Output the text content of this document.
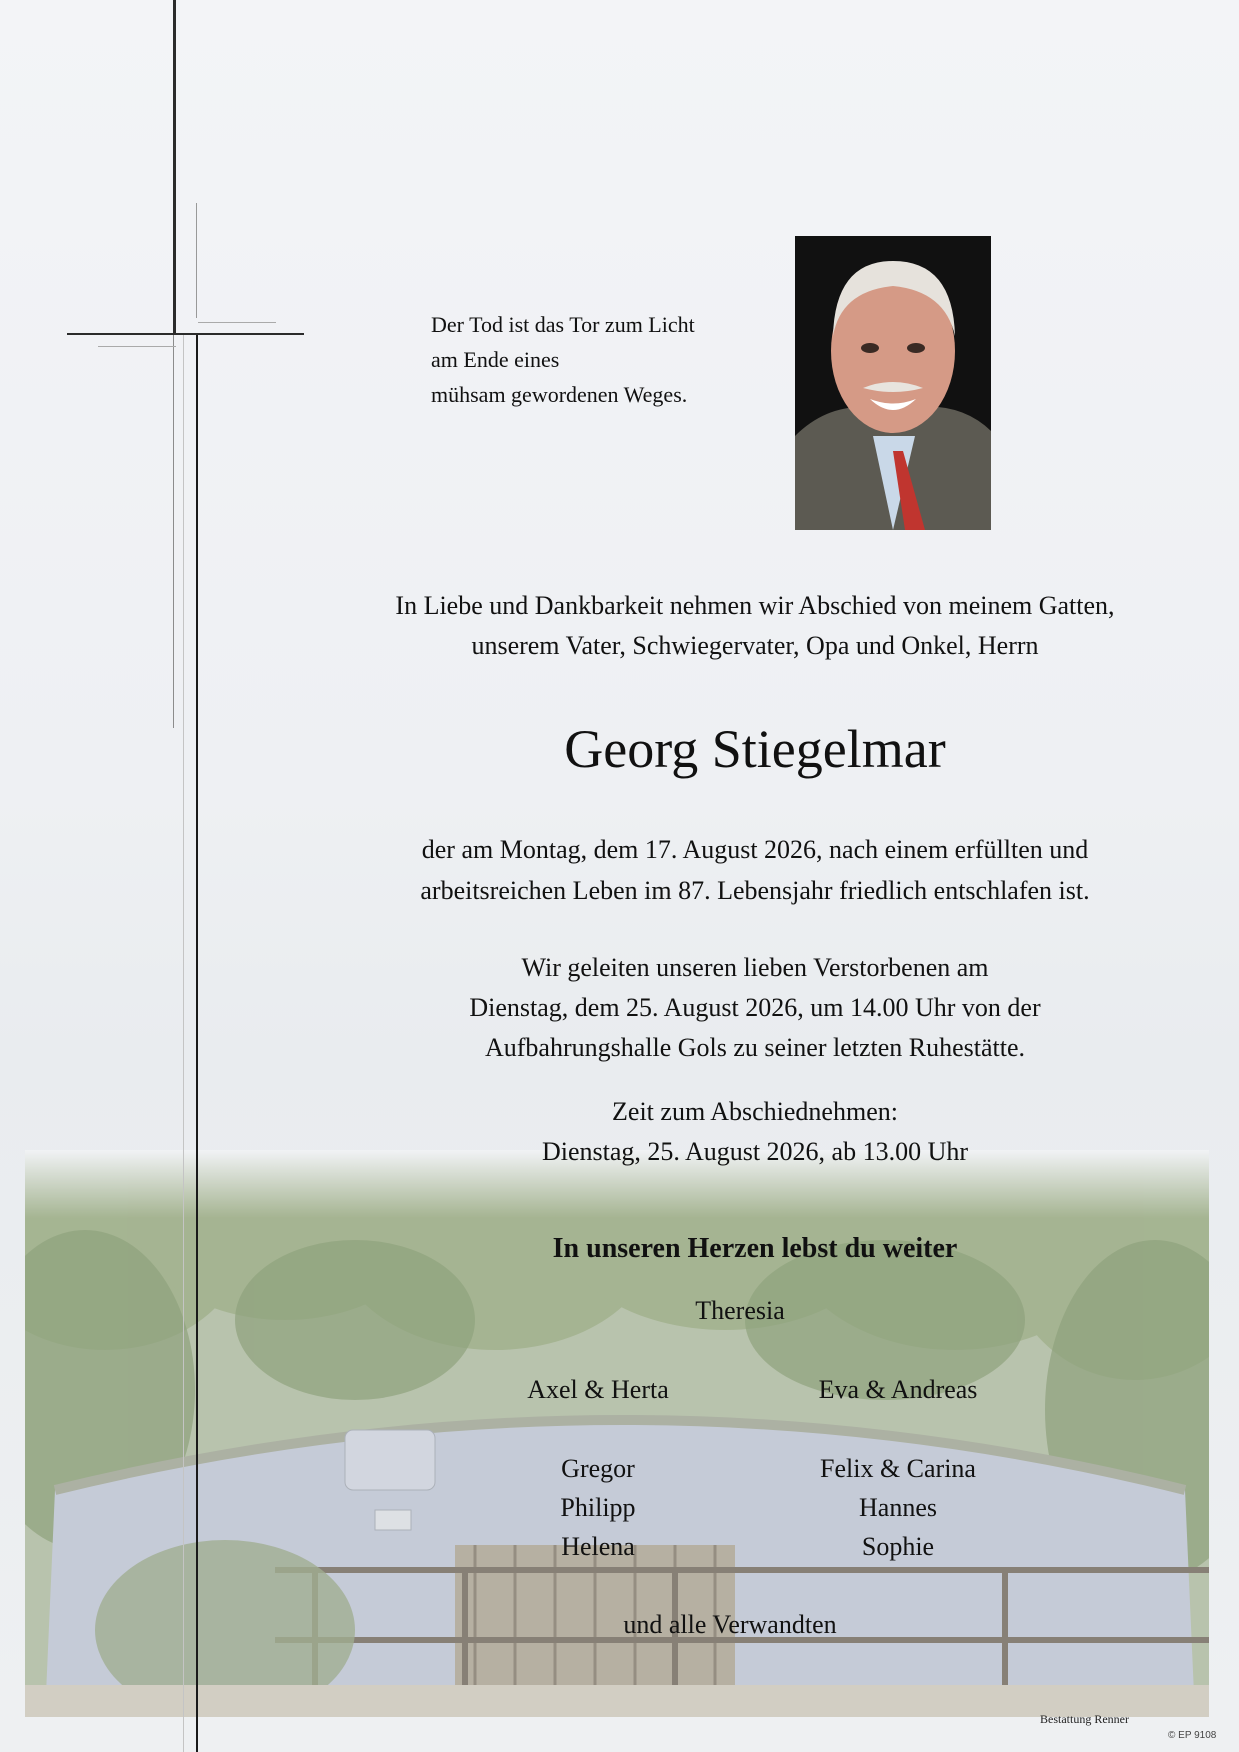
Der Tod ist das Tor zum Licht
am Ende eines
mühsam gewordenen Weges.
In Liebe und Dankbarkeit nehmen wir Abschied von meinem Gatten,
unserem Vater, Schwiegervater, Opa und Onkel, Herrn
Georg Stiegelmar
der am Montag, dem 17. August 2026, nach einem erfüllten und
arbeitsreichen Leben im 87. Lebensjahr friedlich entschlafen ist.
Wir geleiten unseren lieben Verstorbenen am
Dienstag, dem 25. August 2026, um 14.00 Uhr von der
Aufbahrungshalle Gols zu seiner letzten Ruhestätte.
Zeit zum Abschiednehmen:
Dienstag, 25. August 2026, ab 13.00 Uhr
In unseren Herzen lebst du weiter
Theresia
Axel & Herta	Eva & Andreas
Gregor
Philipp
Helena
Felix & Carina
Hannes
Sophie
und alle Verwandten
Bestattung Renner
© EP 9108
